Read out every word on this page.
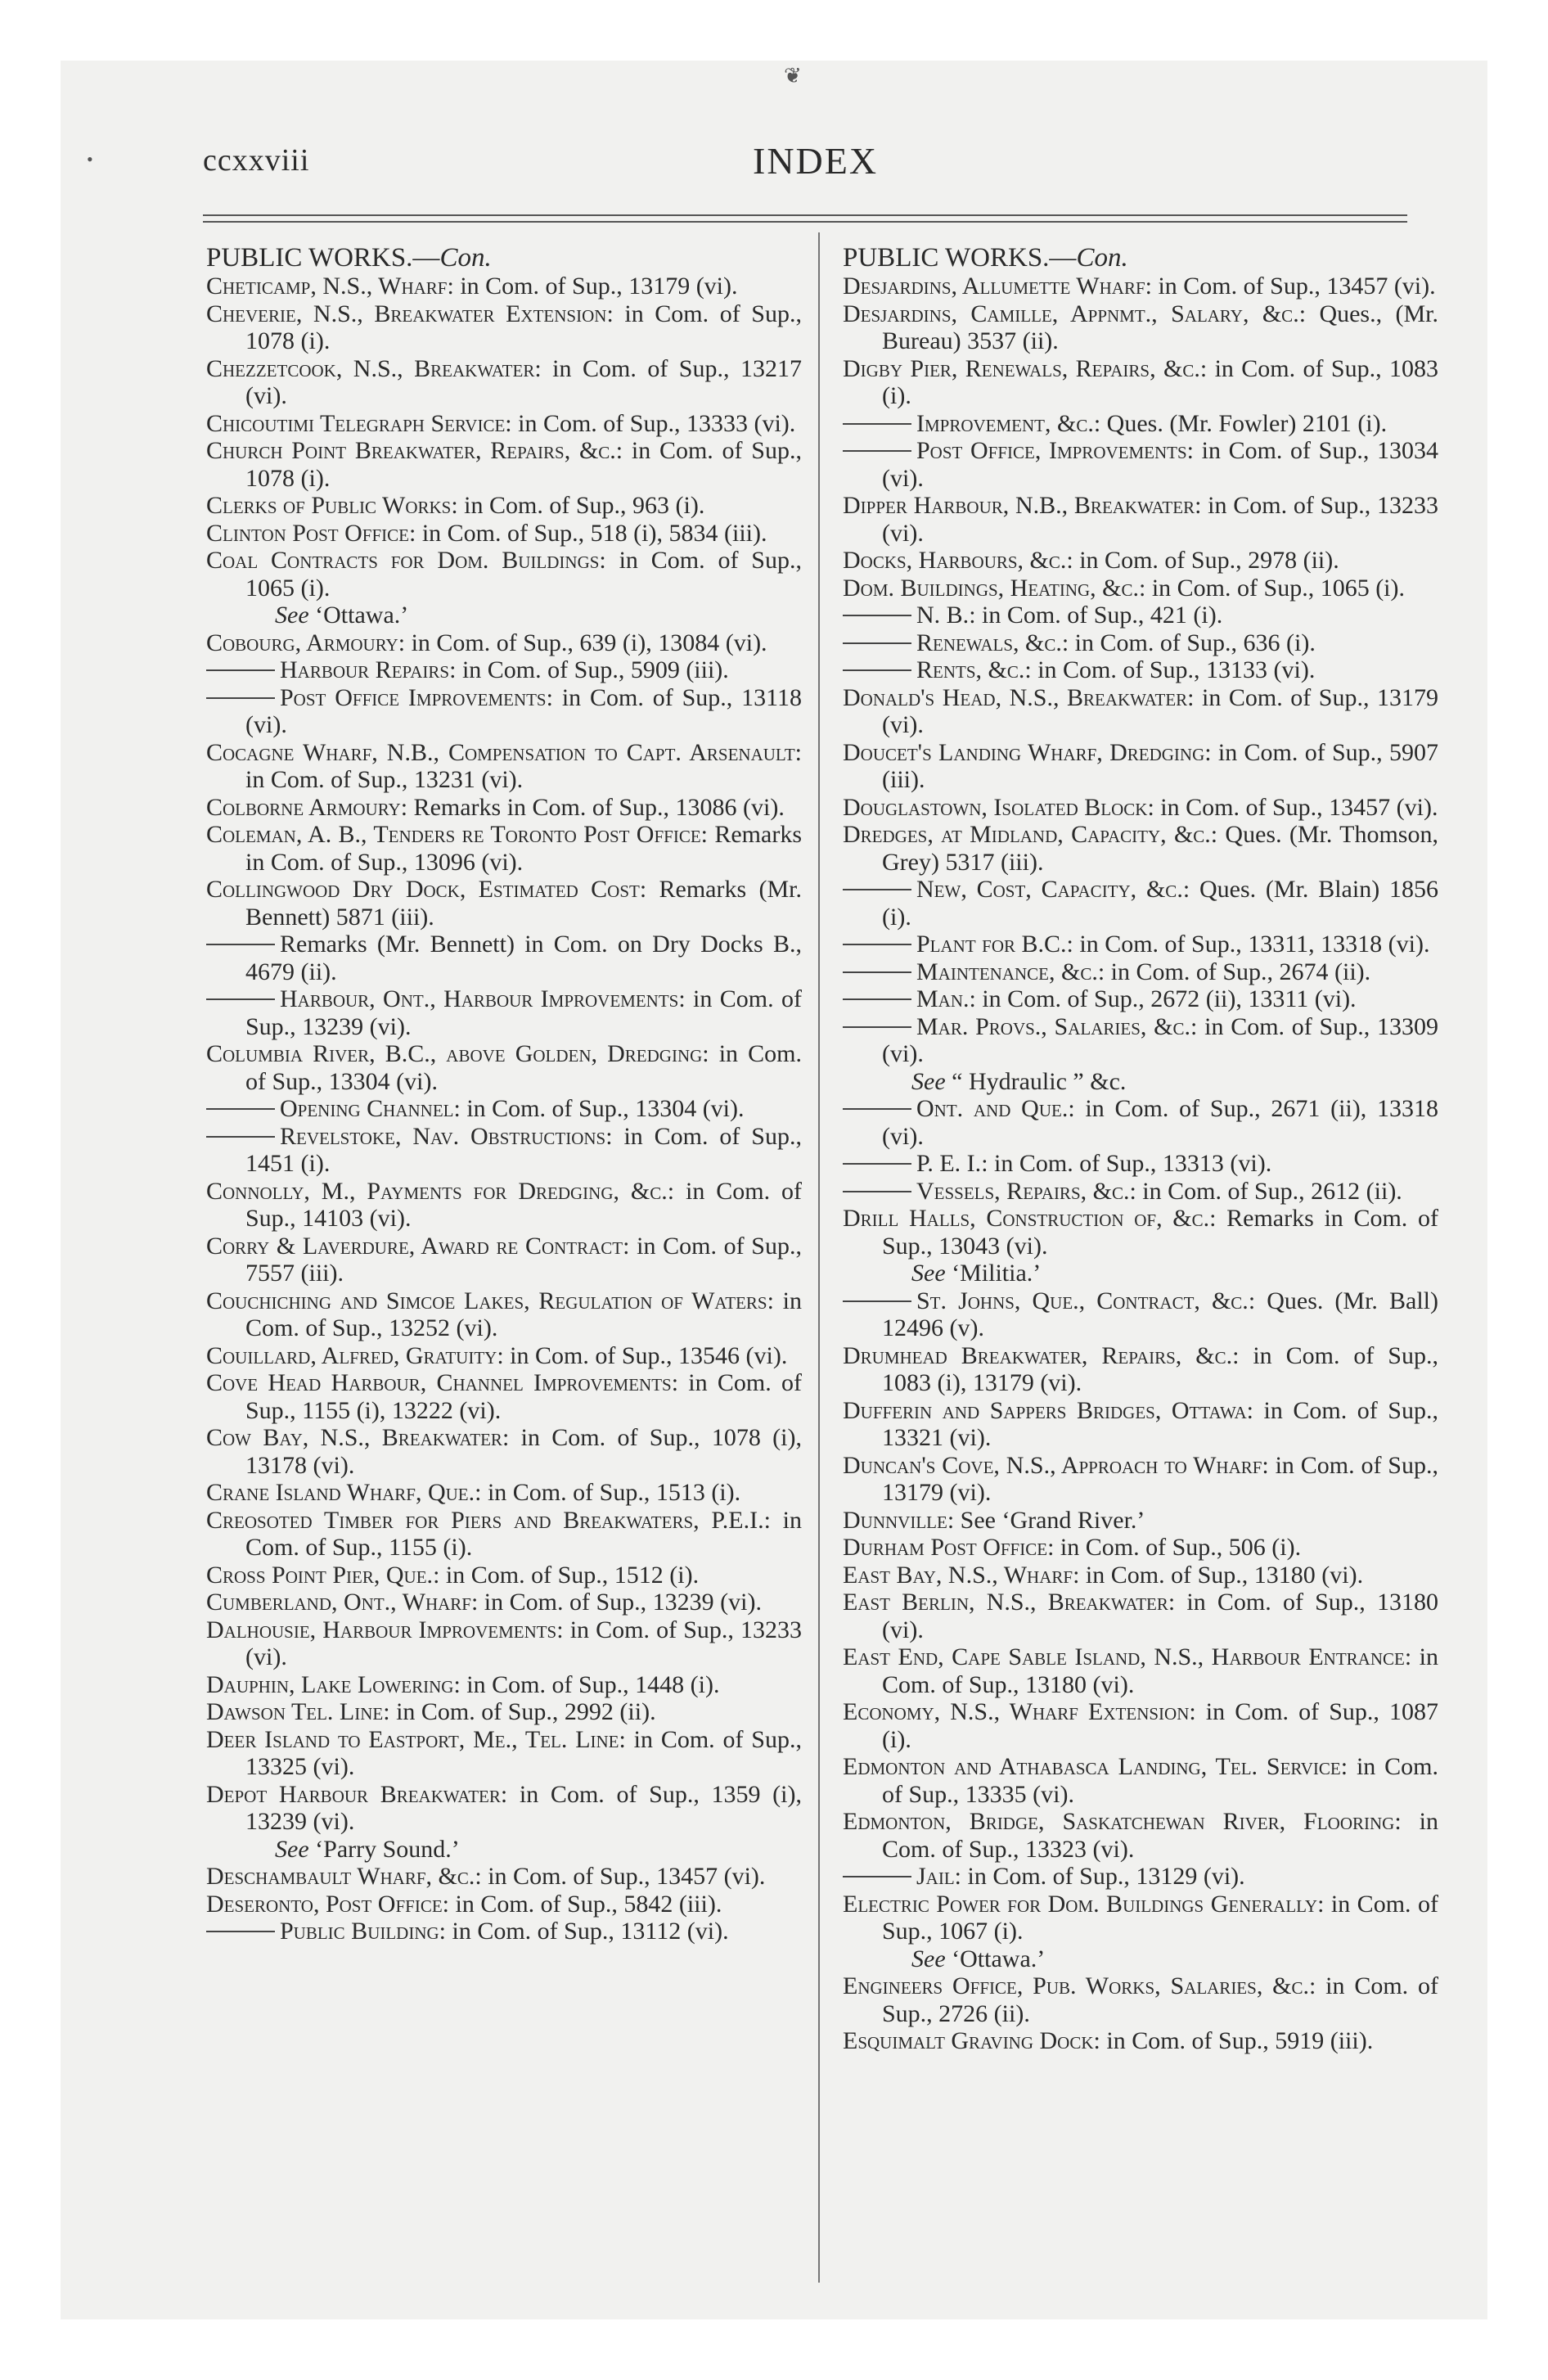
❦
•	ccxxviii	INDEX
PUBLIC WORKS.—Con.
Cheticamp, N.S., Wharf: in Com. of Sup., 13179 (vi).
Cheverie, N.S., Breakwater Extension: in Com. of Sup., 1078 (i).
Chezzetcook, N.S., Breakwater: in Com. of Sup., 13217 (vi).
Chicoutimi Telegraph Service: in Com. of Sup., 13333 (vi).
Church Point Breakwater, Repairs, &c.: in Com. of Sup., 1078 (i).
Clerks of Public Works: in Com. of Sup., 963 (i).
Clinton Post Office: in Com. of Sup., 518 (i), 5834 (iii).
Coal Contracts for Dom. Buildings: in Com. of Sup., 1065 (i).
See ‘Ottawa.’
Cobourg, Armoury: in Com. of Sup., 639 (i), 13084 (vi).
Harbour Repairs: in Com. of Sup., 5909 (iii).
Post Office Improvements: in Com. of Sup., 13118 (vi).
Cocagne Wharf, N.B., Compensation to Capt. Arsenault: in Com. of Sup., 13231 (vi).
Colborne Armoury: Remarks in Com. of Sup., 13086 (vi).
Coleman, A. B., Tenders re Toronto Post Office: Remarks in Com. of Sup., 13096 (vi).
Collingwood Dry Dock, Estimated Cost: Remarks (Mr. Bennett) 5871 (iii).
Remarks (Mr. Bennett) in Com. on Dry Docks B., 4679 (ii).
Harbour, Ont., Harbour Improvements: in Com. of Sup., 13239 (vi).
Columbia River, B.C., above Golden, Dredging: in Com. of Sup., 13304 (vi).
Opening Channel: in Com. of Sup., 13304 (vi).
Revelstoke, Nav. Obstructions: in Com. of Sup., 1451 (i).
Connolly, M., Payments for Dredging, &c.: in Com. of Sup., 14103 (vi).
Corry & Laverdure, Award re Contract: in Com. of Sup., 7557 (iii).
Couchiching and Simcoe Lakes, Regulation of Waters: in Com. of Sup., 13252 (vi).
Couillard, Alfred, Gratuity: in Com. of Sup., 13546 (vi).
Cove Head Harbour, Channel Improvements: in Com. of Sup., 1155 (i), 13222 (vi).
Cow Bay, N.S., Breakwater: in Com. of Sup., 1078 (i), 13178 (vi).
Crane Island Wharf, Que.: in Com. of Sup., 1513 (i).
Creosoted Timber for Piers and Breakwaters, P.E.I.: in Com. of Sup., 1155 (i).
Cross Point Pier, Que.: in Com. of Sup., 1512 (i).
Cumberland, Ont., Wharf: in Com. of Sup., 13239 (vi).
Dalhousie, Harbour Improvements: in Com. of Sup., 13233 (vi).
Dauphin, Lake Lowering: in Com. of Sup., 1448 (i).
Dawson Tel. Line: in Com. of Sup., 2992 (ii).
Deer Island to Eastport, Me., Tel. Line: in Com. of Sup., 13325 (vi).
Depot Harbour Breakwater: in Com. of Sup., 1359 (i), 13239 (vi).
See ‘Parry Sound.’
Deschambault Wharf, &c.: in Com. of Sup., 13457 (vi).
Deseronto, Post Office: in Com. of Sup., 5842 (iii).
Public Building: in Com. of Sup., 13112 (vi).
PUBLIC WORKS.—Con.
Desjardins, Allumette Wharf: in Com. of Sup., 13457 (vi).
Desjardins, Camille, Appnmt., Salary, &c.: Ques., (Mr. Bureau) 3537 (ii).
Digby Pier, Renewals, Repairs, &c.: in Com. of Sup., 1083 (i).
Improvement, &c.: Ques. (Mr. Fowler) 2101 (i).
Post Office, Improvements: in Com. of Sup., 13034 (vi).
Dipper Harbour, N.B., Breakwater: in Com. of Sup., 13233 (vi).
Docks, Harbours, &c.: in Com. of Sup., 2978 (ii).
Dom. Buildings, Heating, &c.: in Com. of Sup., 1065 (i).
N. B.: in Com. of Sup., 421 (i).
Renewals, &c.: in Com. of Sup., 636 (i).
Rents, &c.: in Com. of Sup., 13133 (vi).
Donald's Head, N.S., Breakwater: in Com. of Sup., 13179 (vi).
Doucet's Landing Wharf, Dredging: in Com. of Sup., 5907 (iii).
Douglastown, Isolated Block: in Com. of Sup., 13457 (vi).
Dredges, at Midland, Capacity, &c.: Ques. (Mr. Thomson, Grey) 5317 (iii).
New, Cost, Capacity, &c.: Ques. (Mr. Blain) 1856 (i).
Plant for B.C.: in Com. of Sup., 13311, 13318 (vi).
Maintenance, &c.: in Com. of Sup., 2674 (ii).
Man.: in Com. of Sup., 2672 (ii), 13311 (vi).
Mar. Provs., Salaries, &c.: in Com. of Sup., 13309 (vi).
See “ Hydraulic ” &c.
Ont. and Que.: in Com. of Sup., 2671 (ii), 13318 (vi).
P. E. I.: in Com. of Sup., 13313 (vi).
Vessels, Repairs, &c.: in Com. of Sup., 2612 (ii).
Drill Halls, Construction of, &c.: Remarks in Com. of Sup., 13043 (vi).
See ‘Militia.’
St. Johns, Que., Contract, &c.: Ques. (Mr. Ball) 12496 (v).
Drumhead Breakwater, Repairs, &c.: in Com. of Sup., 1083 (i), 13179 (vi).
Dufferin and Sappers Bridges, Ottawa: in Com. of Sup., 13321 (vi).
Duncan's Cove, N.S., Approach to Wharf: in Com. of Sup., 13179 (vi).
Dunnville: See ‘Grand River.’
Durham Post Office: in Com. of Sup., 506 (i).
East Bay, N.S., Wharf: in Com. of Sup., 13180 (vi).
East Berlin, N.S., Breakwater: in Com. of Sup., 13180 (vi).
East End, Cape Sable Island, N.S., Harbour Entrance: in Com. of Sup., 13180 (vi).
Economy, N.S., Wharf Extension: in Com. of Sup., 1087 (i).
Edmonton and Athabasca Landing, Tel. Service: in Com. of Sup., 13335 (vi).
Edmonton, Bridge, Saskatchewan River, Flooring: in Com. of Sup., 13323 (vi).
Jail: in Com. of Sup., 13129 (vi).
Electric Power for Dom. Buildings Generally: in Com. of Sup., 1067 (i).
See ‘Ottawa.’
Engineers Office, Pub. Works, Salaries, &c.: in Com. of Sup., 2726 (ii).
Esquimalt Graving Dock: in Com. of Sup., 5919 (iii).
